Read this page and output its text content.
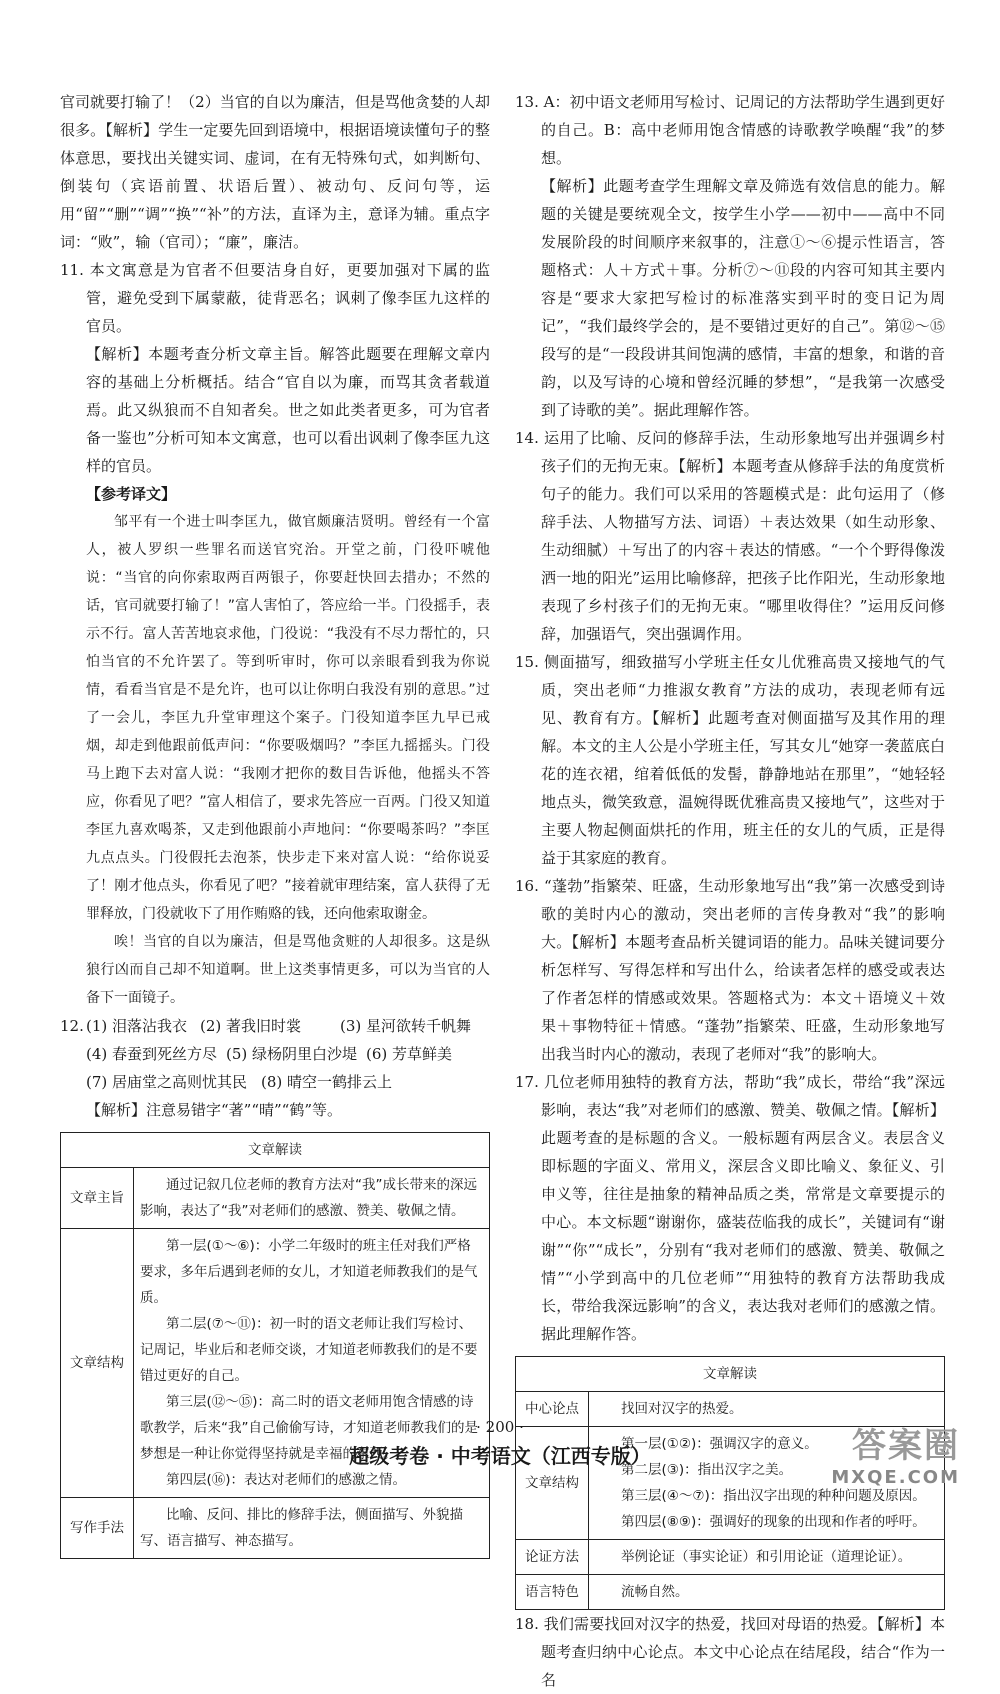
官司就要打输了！（2）当官的自以为廉洁，但是骂他贪婪的人却很多。【解析】学生一定要先回到语境中，根据语境读懂句子的整体意思，要找出关键实词、虚词，在有无特殊句式，如判断句、倒装句（宾语前置、状语后置）、被动句、反问句等，运用“留”“删”“调”“换”“补”的方法，直译为主，意译为辅。重点字词：“败”，输（官司）；“廉”，廉洁。

11. 本文寓意是为官者不但要洁身自好，更要加强对下属的监管，避免受到下属蒙蔽，徒背恶名；讽刺了像李匡九这样的官员。

【解析】本题考查分析文章主旨。解答此题要在理解文章内容的基础上分析概括。结合“官自以为廉，而骂其贪者载道焉。此又纵狼而不自知者矣。世之如此类者更多，可为官者备一鉴也”分析可知本文寓意，也可以看出讽刺了像李匡九这样的官员。

【参考译文】

邹平有一个进士叫李匡九，做官颇廉洁贤明。曾经有一个富人，被人罗织一些罪名而送官究治。开堂之前，门役吓唬他说：“当官的向你索取两百两银子，你要赶快回去措办；不然的话，官司就要打输了！”富人害怕了，答应给一半。门役摇手，表示不行。富人苦苦地哀求他，门役说：“我没有不尽力帮忙的，只怕当官的不允许罢了。等到听审时，你可以亲眼看到我为你说情，看看当官是不是允许，也可以让你明白我没有别的意思。”过了一会儿，李匡九升堂审理这个案子。门役知道李匡九早已戒烟，却走到他跟前低声问：“你要吸烟吗？”李匡九摇摇头。门役马上跑下去对富人说：“我刚才把你的数目告诉他，他摇头不答应，你看见了吧？”富人相信了，要求先答应一百两。门役又知道李匡九喜欢喝茶，又走到他跟前小声地问：“你要喝茶吗？”李匡九点点头。门役假托去泡茶，快步走下来对富人说：“给你说妥了！刚才他点头，你看见了吧？”接着就审理结案，富人获得了无罪释放，门役就收下了用作贿赂的钱，还向他索取谢金。

唉！当官的自以为廉洁，但是骂他贪赃的人却很多。这是纵狼行凶而自己却不知道啊。世上这类事情更多，可以为当官的人备下一面镜子。

12. (1) 泪落沾我衣 (2) 著我旧时裳	(3) 星河欲转千帆舞
(4) 春蚕到死丝方尽 (5) 绿杨阴里白沙堤 (6) 芳草鲜美
(7) 居庙堂之高则忧其民 (8) 晴空一鹤排云上

【解析】注意易错字“著”“晴”“鹤”等。

文章解读	
文章主旨	通过记叙几位老师的教育方法对“我”成长带来的深远影响，表达了“我”对老师们的感激、赞美、敬佩之情。
文章结构	第一层(①～⑥)：小学二年级时的班主任对我们严格要求，多年后遇到老师的女儿，才知道老师教我们的是气质。
第二层(⑦～⑪)：初一时的语文老师让我们写检讨、记周记，毕业后和老师交谈，才知道老师教我们的是不要错过更好的自己。
第三层(⑫～⑮)：高二时的语文老师用饱含情感的诗歌教学，后来“我”自己偷偷写诗，才知道老师教我们的是梦想是一种让你觉得坚持就是幸福的东西。
第四层(⑯)：表达对老师们的感激之情。

写作手法	比喻、反问、排比的修辞手法，侧面描写、外貌描写、语言描写、神态描写。

13. A：初中语文老师用写检讨、记周记的方法帮助学生遇到更好的自己。B：高中老师用饱含情感的诗歌教学唤醒“我”的梦想。

【解析】此题考查学生理解文章及筛选有效信息的能力。解题的关键是要统观全文，按学生小学——初中——高中不同发展阶段的时间顺序来叙事的，注意①～⑥提示性语言，答题格式：人＋方式＋事。分析⑦～⑪段的内容可知其主要内容是“要求大家把写检讨的标准落实到平时的变日记为周记”，“我们最终学会的，是不要错过更好的自己”。第⑫～⑮段写的是“一段段讲其间饱满的感情，丰富的想象，和谐的音韵，以及写诗的心境和曾经沉睡的梦想”，“是我第一次感受到了诗歌的美”。据此理解作答。

14. 运用了比喻、反问的修辞手法，生动形象地写出并强调乡村孩子们的无拘无束。【解析】本题考查从修辞手法的角度赏析句子的能力。我们可以采用的答题模式是：此句运用了（修辞手法、人物描写方法、词语）＋表达效果（如生动形象、生动细腻）＋写出了的内容＋表达的情感。“一个个野得像泼洒一地的阳光”运用比喻修辞，把孩子比作阳光，生动形象地表现了乡村孩子们的无拘无束。“哪里收得住？”运用反问修辞，加强语气，突出强调作用。

15. 侧面描写，细致描写小学班主任女儿优雅高贵又接地气的气质，突出老师“力推淑女教育”方法的成功，表现老师有远见、教育有方。【解析】此题考查对侧面描写及其作用的理解。本文的主人公是小学班主任，写其女儿“她穿一袭蓝底白花的连衣裙，绾着低低的发髻，静静地站在那里”，“她轻轻地点头，微笑致意，温婉得既优雅高贵又接地气”，这些对于主要人物起侧面烘托的作用，班主任的女儿的气质，正是得益于其家庭的教育。

16. “蓬勃”指繁荣、旺盛，生动形象地写出“我”第一次感受到诗歌的美时内心的激动，突出老师的言传身教对“我”的影响大。【解析】本题考查品析关键词语的能力。品味关键词要分析怎样写、写得怎样和写出什么，给读者怎样的感受或表达了作者怎样的情感或效果。答题格式为：本文＋语境义＋效果＋事物特征＋情感。“蓬勃”指繁荣、旺盛，生动形象地写出我当时内心的激动，表现了老师对“我”的影响大。

17. 几位老师用独特的教育方法，帮助“我”成长，带给“我”深远影响，表达“我”对老师们的感激、赞美、敬佩之情。【解析】此题考查的是标题的含义。一般标题有两层含义。表层含义即标题的字面义、常用义，深层含义即比喻义、象征义、引申义等，往往是抽象的精神品质之类，常常是文章要提示的中心。本文标题“谢谢你，盛装莅临我的成长”，关键词有“谢谢”“你”“成长”，分别有“我对老师们的感激、赞美、敬佩之情”“小学到高中的几位老师”“用独特的教育方法帮助我成长，带给我深远影响”的含义，表达我对老师们的感激之情。据此理解作答。

文章解读	
中心论点	找回对汉字的热爱。
文章结构	第一层(①②)：强调汉字的意义。
第二层(③)：指出汉字之美。
第三层(④～⑦)：指出汉字出现的种种问题及原因。
第四层(⑧⑨)：强调好的现象的出现和作者的呼吁。

论证方法	举例论证（事实论证）和引用论证（道理论证）。
语言特色	流畅自然。

18. 我们需要找回对汉字的热爱，找回对母语的热爱。【解析】本题考查归纳中心论点。本文中心论点在结尾段，结合“作为一名

· 200 ·
超级考卷 · 中考语文（江西专版）	答案圈
MXQE.COM
